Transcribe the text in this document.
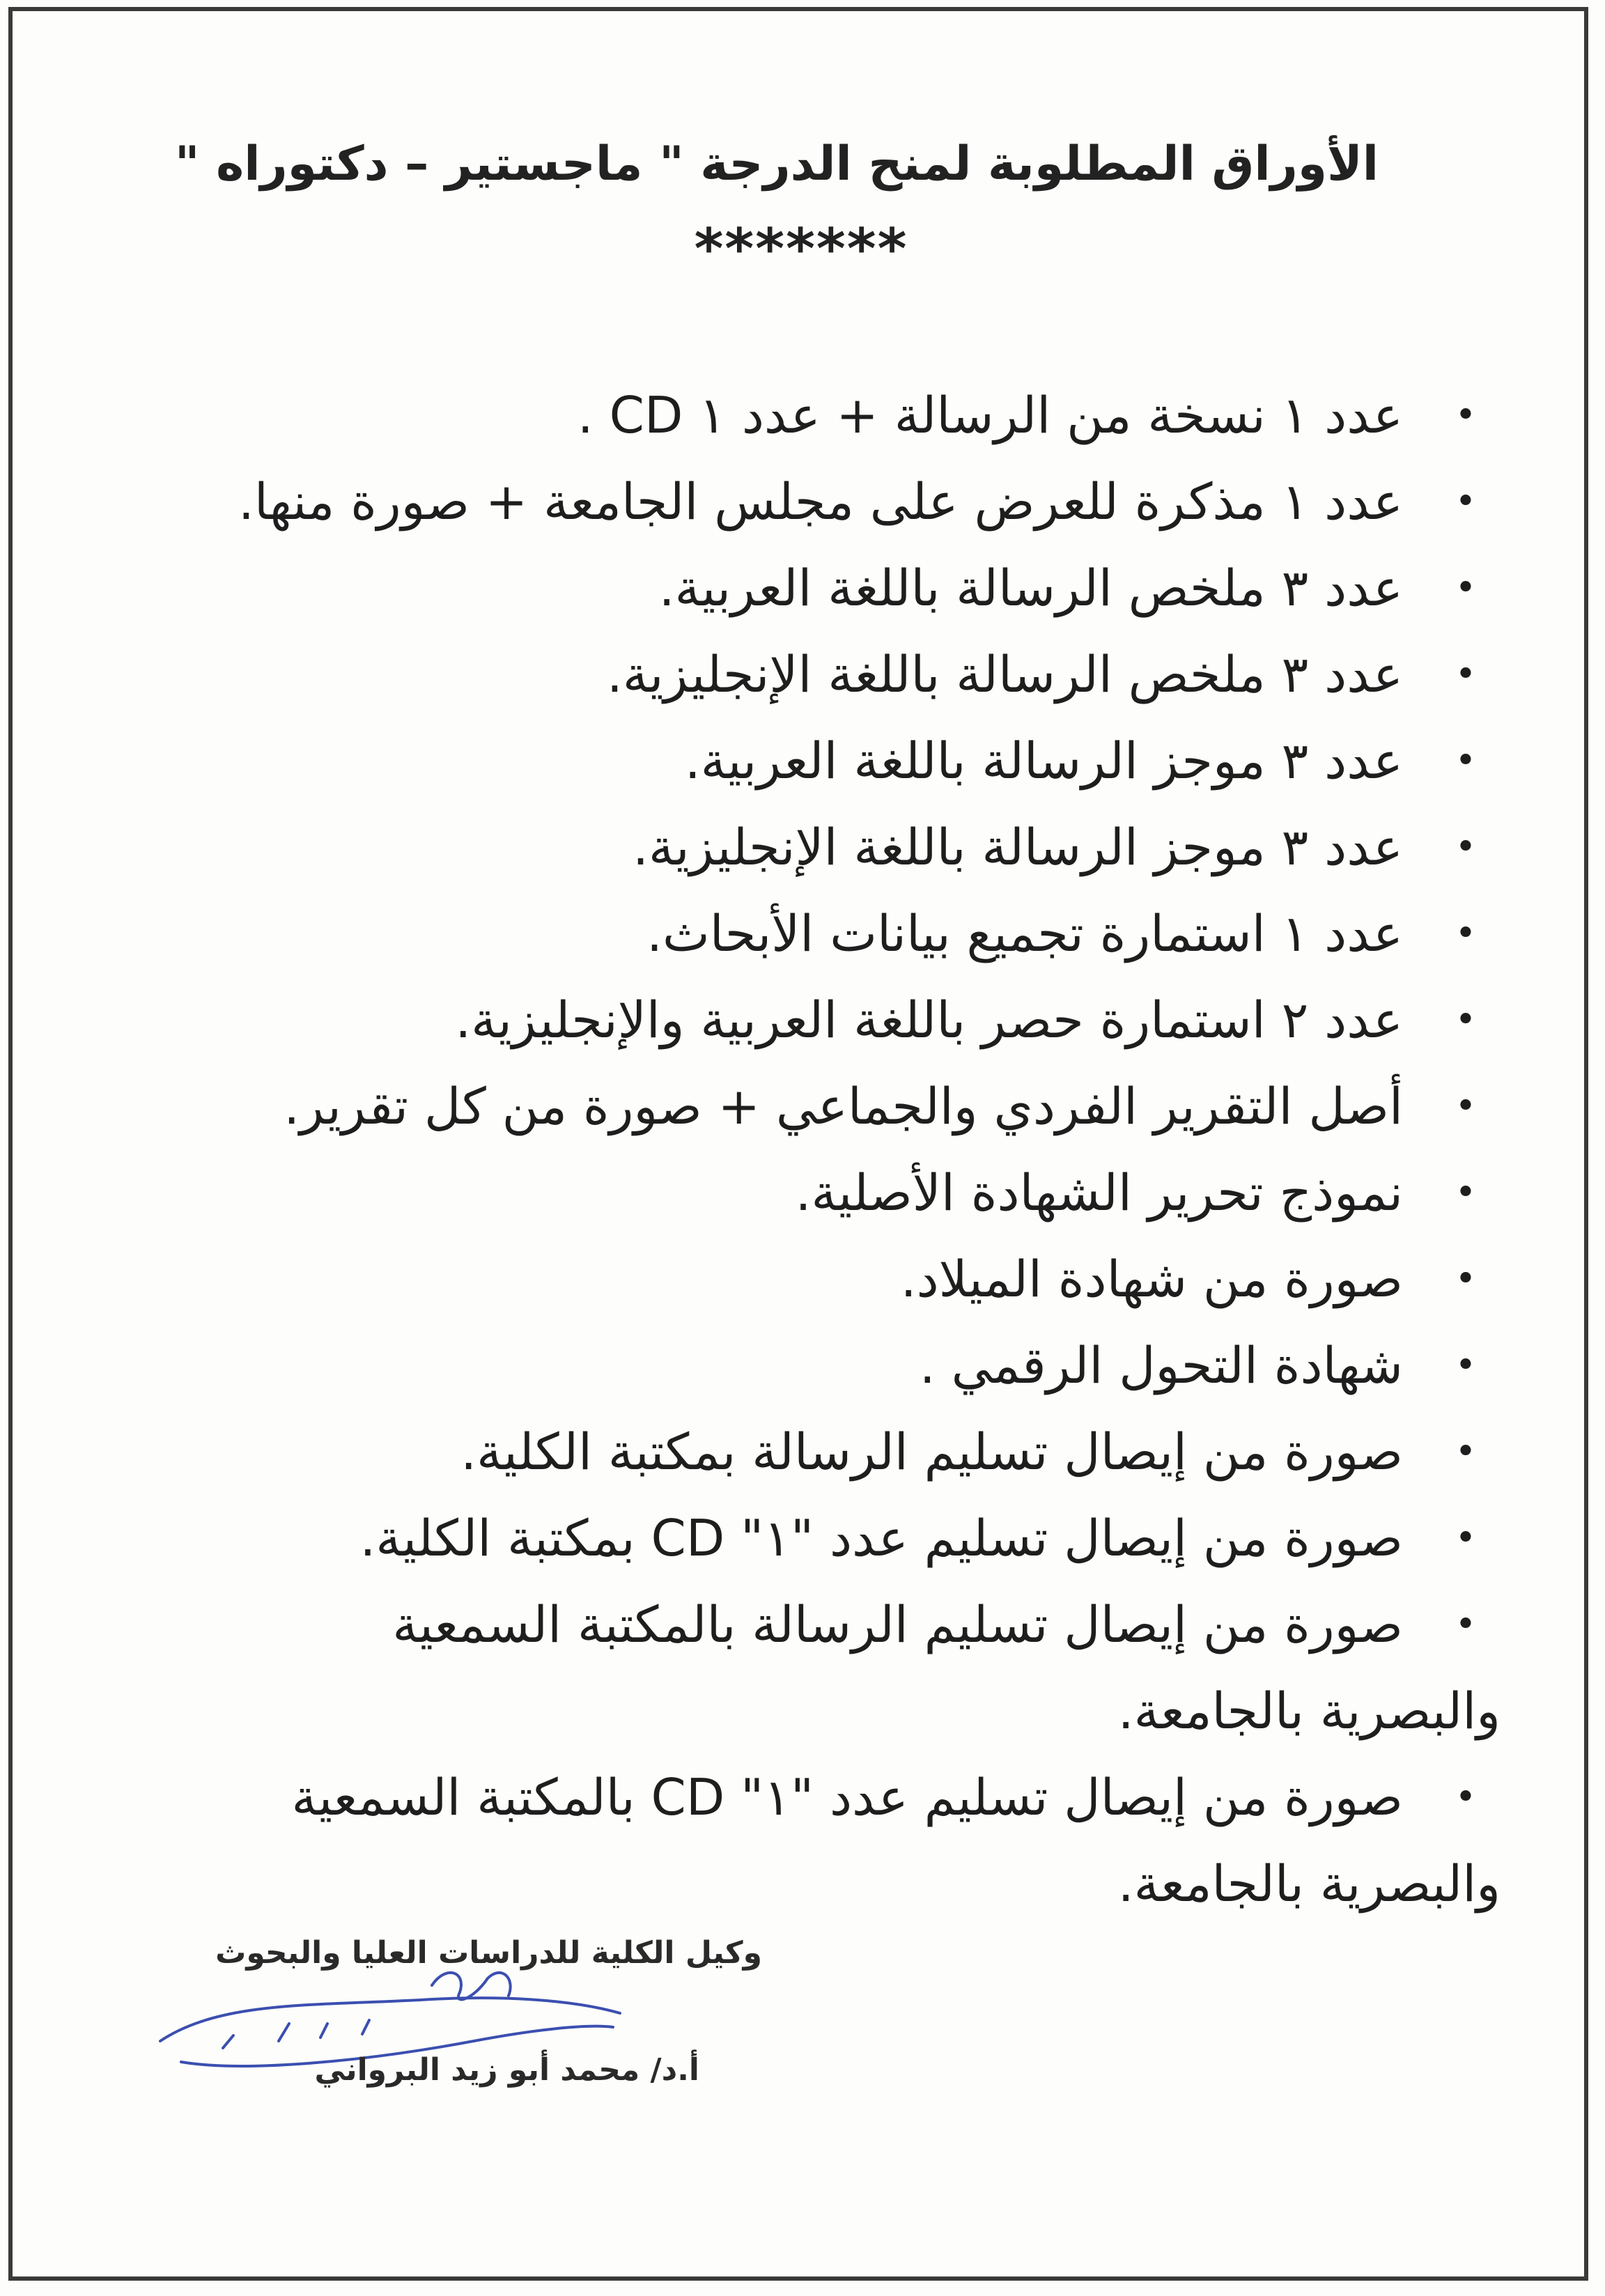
الأوراق المطلوبة لمنح الدرجة " ماجستير – دكتوراه "
*******
•
عدد ١ نسخة من الرسالة + عدد ١ CD .
•
عدد ١ مذكرة للعرض على مجلس الجامعة + صورة منها.
•
عدد ٣ ملخص الرسالة باللغة العربية.
•
عدد ٣ ملخص الرسالة باللغة الإنجليزية.
•
عدد ٣ موجز الرسالة باللغة العربية.
•
عدد ٣ موجز الرسالة باللغة الإنجليزية.
•
عدد ١ استمارة تجميع بيانات الأبحاث.
•
عدد ٢ استمارة حصر باللغة العربية والإنجليزية.
•
أصل التقرير الفردي والجماعي + صورة من كل تقرير.
•
نموذج تحرير الشهادة الأصلية.
•
صورة من شهادة الميلاد.
•
شهادة التحول الرقمي .
•
صورة من إيصال تسليم الرسالة بمكتبة الكلية.
•
صورة من إيصال تسليم عدد "١" CD بمكتبة الكلية.
•
صورة من إيصال تسليم الرسالة بالمكتبة السمعية
والبصرية بالجامعة.
•
صورة من إيصال تسليم عدد "١" CD بالمكتبة السمعية
والبصرية بالجامعة.
وكيل الكلية للدراسات العليا والبحوث
أ.د/ محمد أبو زيد البرواني
